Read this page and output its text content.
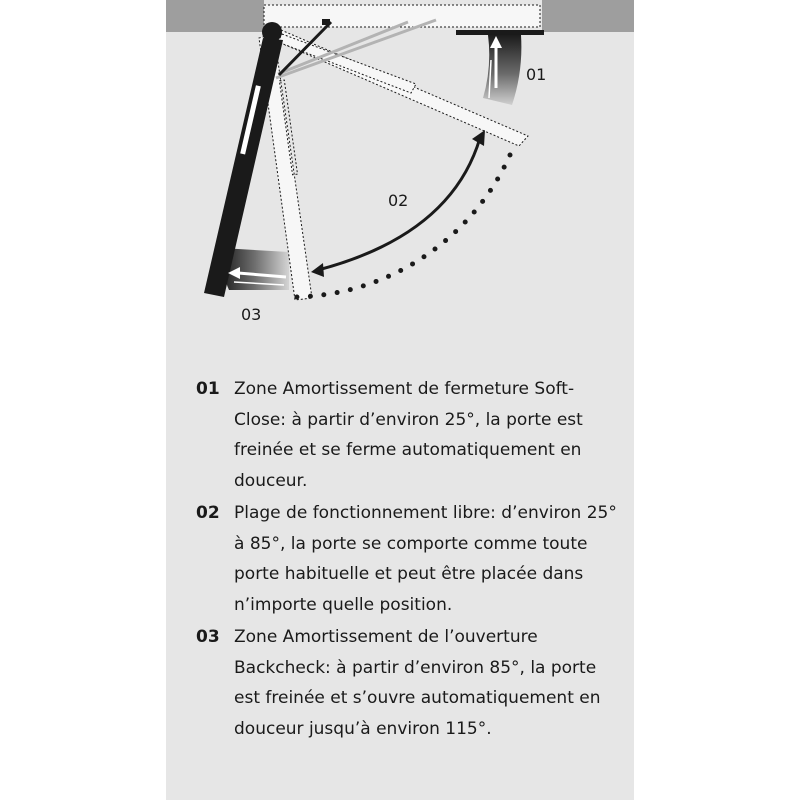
01
02
03
01 Zone Amortissement de fermeture Soft-Close: à partir d’environ 25°, la porte est freinée et se ferme automatiquement en douceur.
02 Plage de fonctionnement libre: d’environ 25° à 85°, la porte se comporte comme toute porte habituelle et peut être placée dans n’importe quelle position.
03 Zone Amortissement de l’ouverture Backcheck: à partir d’environ 85°, la porte est freinée et s’ouvre automatiquement en douceur jusqu’à environ 115°.
